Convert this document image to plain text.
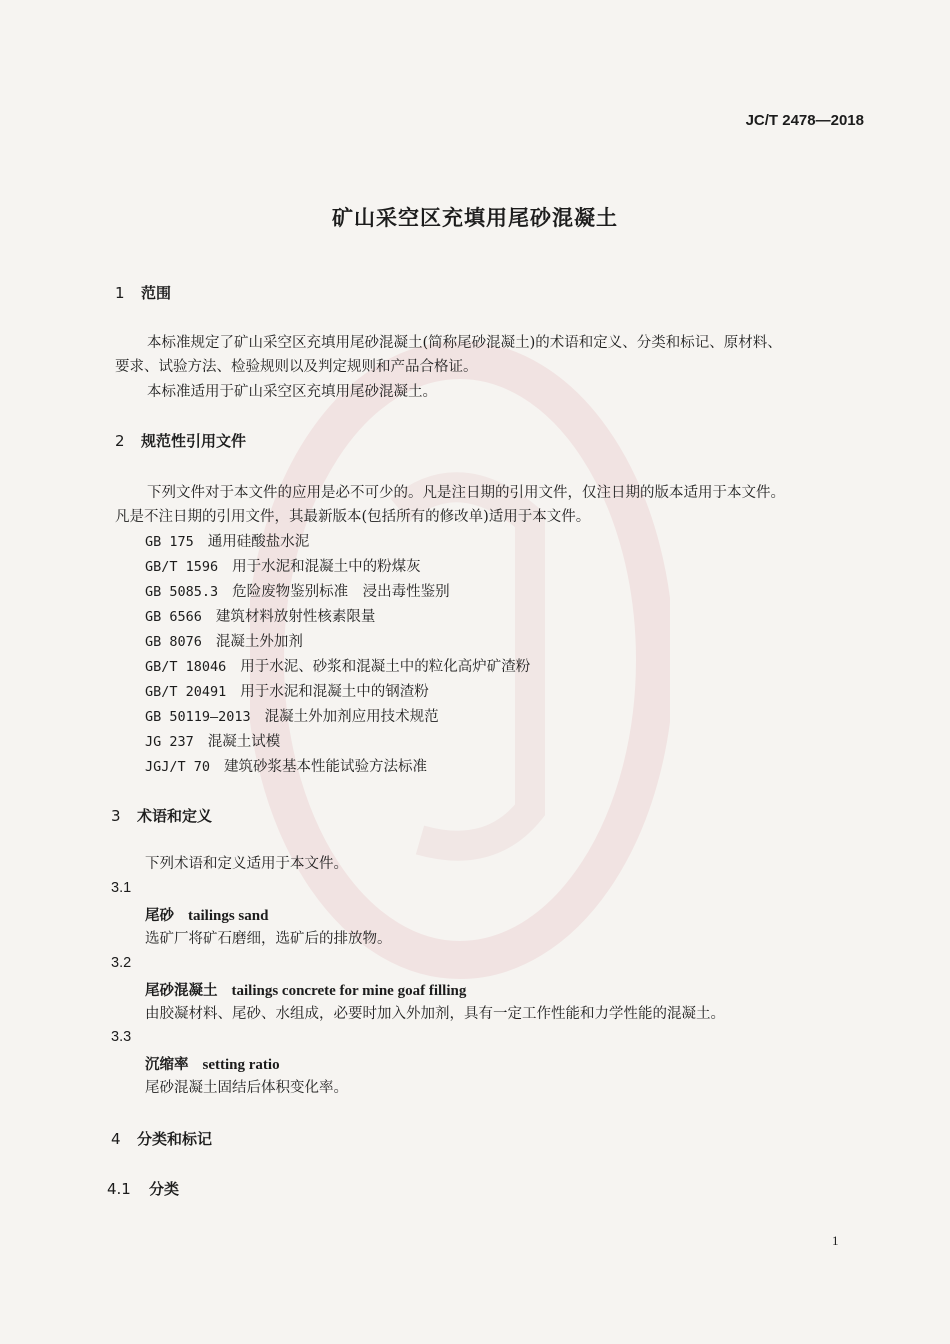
JC/T 2478—2018
矿山采空区充填用尾砂混凝土
1 范围
本标准规定了矿山采空区充填用尾砂混凝土(简称尾砂混凝土)的术语和定义、分类和标记、原材料、
要求、试验方法、检验规则以及判定规则和产品合格证。
本标准适用于矿山采空区充填用尾砂混凝土。
2 规范性引用文件
下列文件对于本文件的应用是必不可少的。凡是注日期的引用文件，仅注日期的版本适用于本文件。
凡是不注日期的引用文件，其最新版本(包括所有的修改单)适用于本文件。
GB 175 通用硅酸盐水泥
GB/T 1596 用于水泥和混凝土中的粉煤灰
GB 5085.3 危险废物鉴别标准　浸出毒性鉴别
GB 6566 建筑材料放射性核素限量
GB 8076 混凝土外加剂
GB/T 18046 用于水泥、砂浆和混凝土中的粒化高炉矿渣粉
GB/T 20491 用于水泥和混凝土中的钢渣粉
GB 50119—2013 混凝土外加剂应用技术规范
JG 237 混凝土试模
JGJ/T 70 建筑砂浆基本性能试验方法标准
3 术语和定义
下列术语和定义适用于本文件。
3.1
尾砂 tailings sand
选矿厂将矿石磨细，选矿后的排放物。
3.2
尾砂混凝土 tailings concrete for mine goaf filling
由胶凝材料、尾砂、水组成，必要时加入外加剂，具有一定工作性能和力学性能的混凝土。
3.3
沉缩率 setting ratio
尾砂混凝土固结后体积变化率。
4 分类和标记
4.1 分类
1
